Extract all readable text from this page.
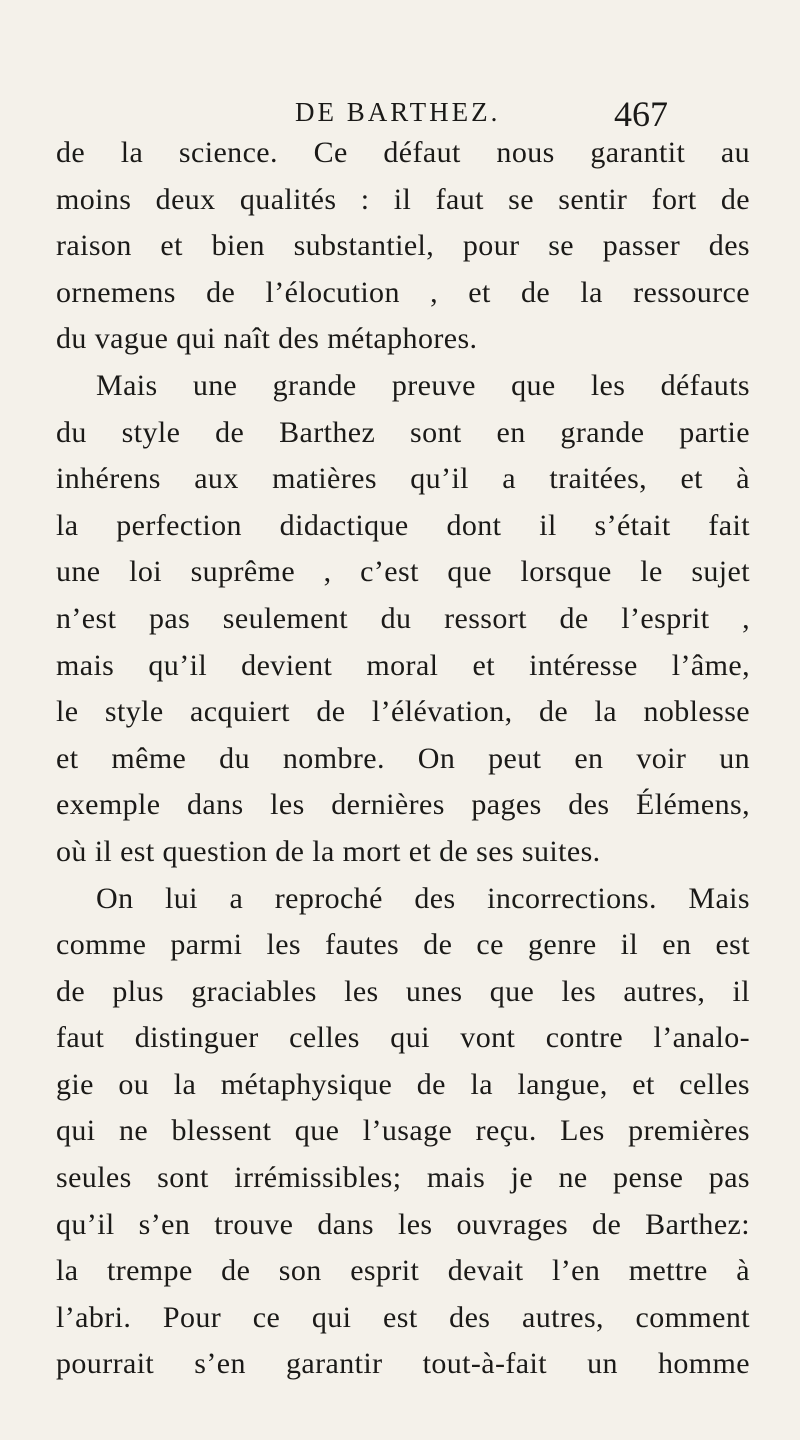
DE BARTHEZ.	467
de la science. Ce défaut nous garantit au
moins deux qualités : il faut se sentir fort de
raison et bien substantiel, pour se passer des
ornemens de l’élocution , et de la ressource
du vague qui naît des métaphores.
Mais une grande preuve que les défauts
du style de Barthez sont en grande partie
inhérens aux matières qu’il a traitées, et à
la perfection didactique dont il s’était fait
une loi suprême , c’est que lorsque le sujet
n’est pas seulement du ressort de l’esprit ,
mais qu’il devient moral et intéresse l’âme,
le style acquiert de l’élévation, de la noblesse
et même du nombre. On peut en voir un
exemple dans les dernières pages des Élémens,
où il est question de la mort et de ses suites.
On lui a reproché des incorrections. Mais
comme parmi les fautes de ce genre il en est
de plus graciables les unes que les autres, il
faut distinguer celles qui vont contre l’analo-
gie ou la métaphysique de la langue, et celles
qui ne blessent que l’usage reçu. Les premières
seules sont irrémissibles; mais je ne pense pas
qu’il s’en trouve dans les ouvrages de Barthez:
la trempe de son esprit devait l’en mettre à
l’abri. Pour ce qui est des autres, comment
pourrait s’en garantir tout-à-fait un homme
